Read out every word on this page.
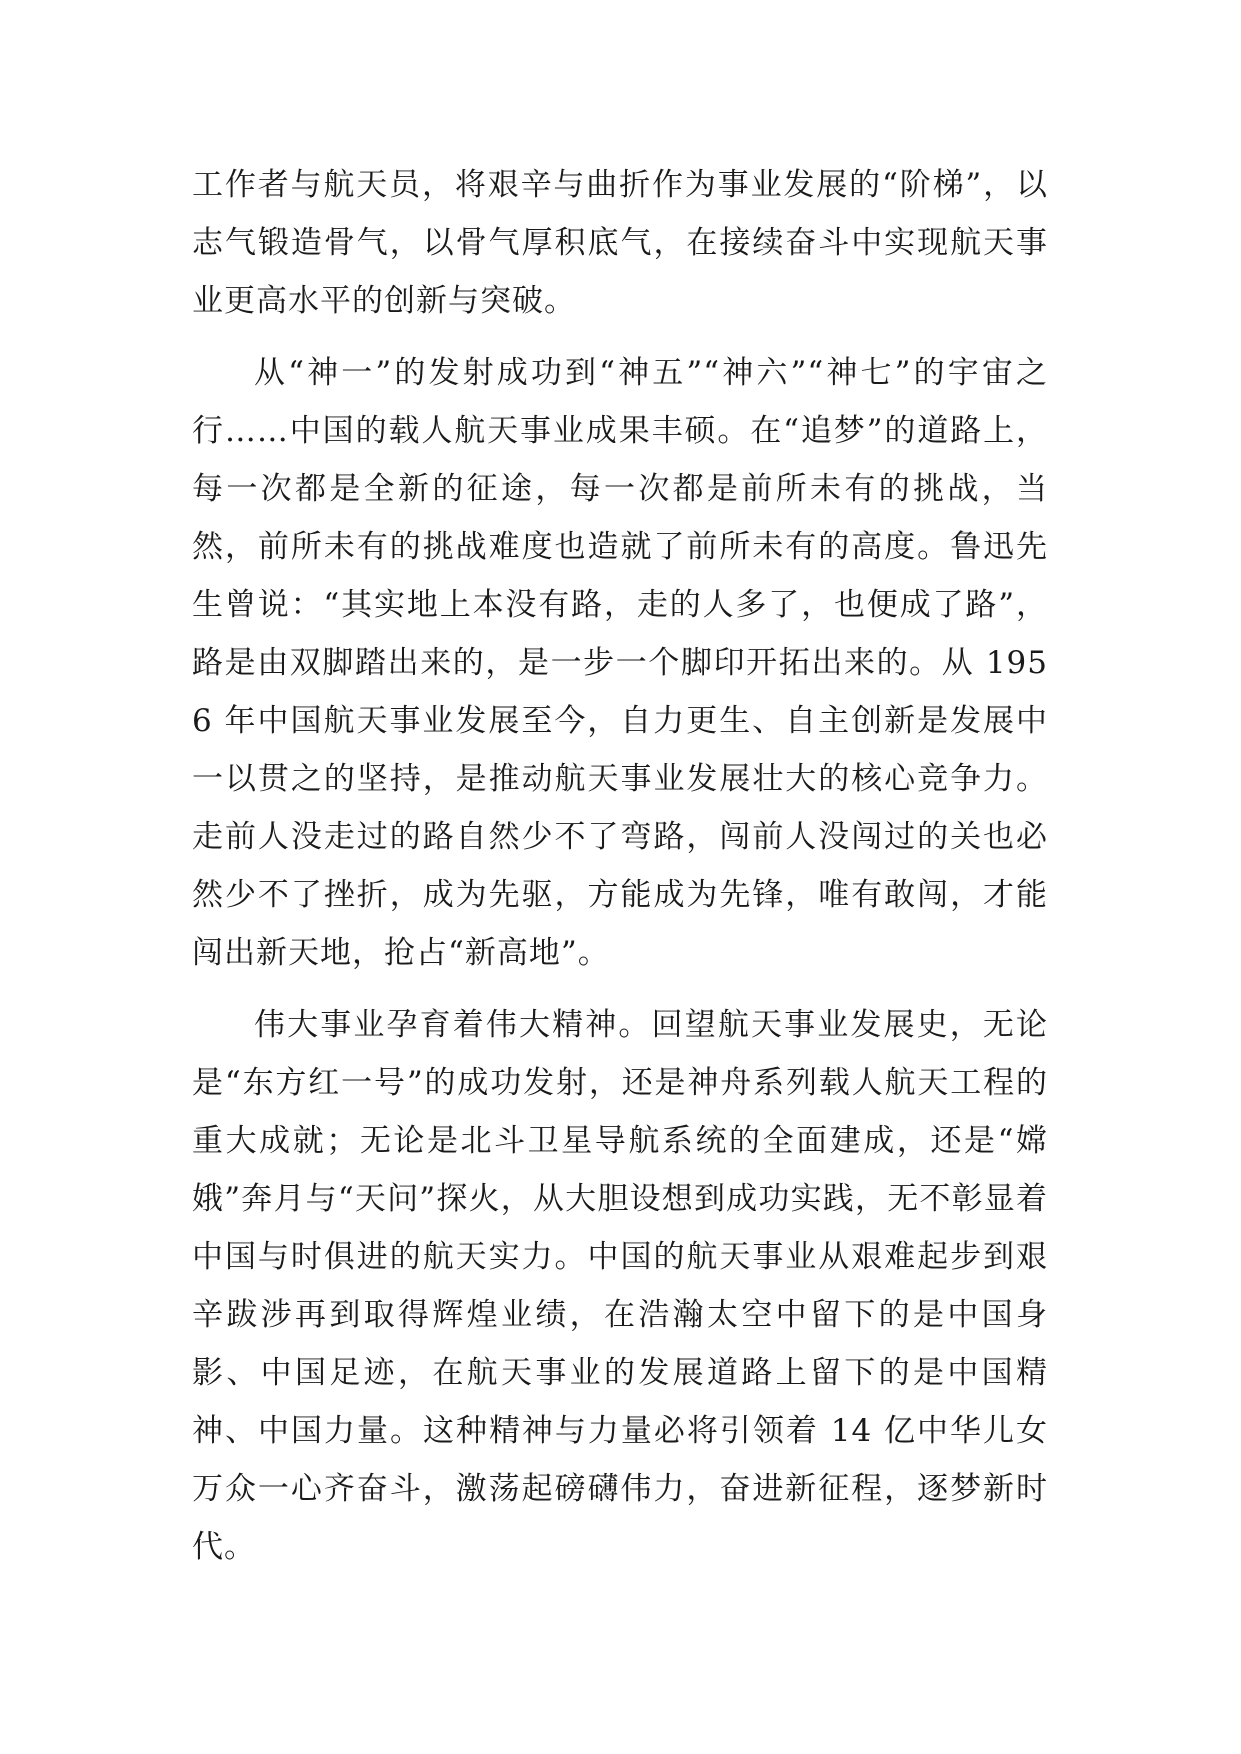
工作者与航天员，将艰辛与曲折作为事业发展的“阶梯”，以志气锻造骨气，以骨气厚积底气，在接续奋斗中实现航天事业更高水平的创新与突破。

从“神一”的发射成功到“神五”“神六”“神七”的宇宙之行……中国的载人航天事业成果丰硕。在“追梦”的道路上，每一次都是全新的征途，每一次都是前所未有的挑战，当然，前所未有的挑战难度也造就了前所未有的高度。鲁迅先生曾说：“其实地上本没有路，走的人多了，也便成了路”，路是由双脚踏出来的，是一步一个脚印开拓出来的。从 1956 年中国航天事业发展至今，自力更生、自主创新是发展中一以贯之的坚持，是推动航天事业发展壮大的核心竞争力。走前人没走过的路自然少不了弯路，闯前人没闯过的关也必然少不了挫折，成为先驱，方能成为先锋，唯有敢闯，才能闯出新天地，抢占“新高地”。

伟大事业孕育着伟大精神。回望航天事业发展史，无论是“东方红一号”的成功发射，还是神舟系列载人航天工程的重大成就；无论是北斗卫星导航系统的全面建成，还是“嫦娥”奔月与“天问”探火，从大胆设想到成功实践，无不彰显着中国与时俱进的航天实力。中国的航天事业从艰难起步到艰辛跋涉再到取得辉煌业绩，在浩瀚太空中留下的是中国身影、中国足迹，在航天事业的发展道路上留下的是中国精神、中国力量。这种精神与力量必将引领着 14 亿中华儿女万众一心齐奋斗，激荡起磅礴伟力，奋进新征程，逐梦新时代。
